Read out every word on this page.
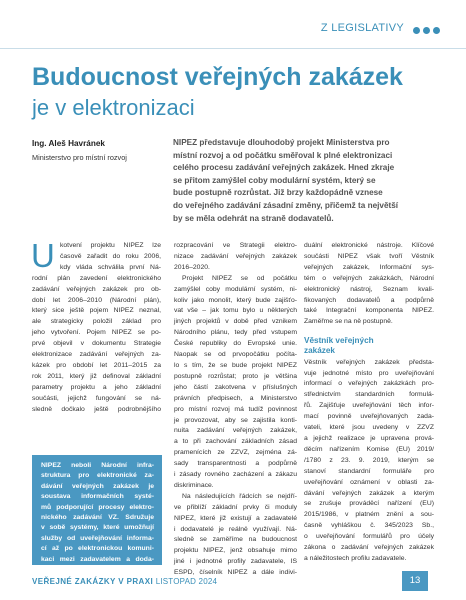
Z LEGISLATIVY
Budoucnost veřejných zakázek
je v elektronizaci
Ing. Aleš Havránek
Ministerstvo pro místní rozvoj

NIPEZ představuje dlouhodobý projekt Ministerstva pro
místní rozvoj a od počátku směřoval k plné elektronizaci
celého procesu zadávání veřejných zakázek. Hned zkraje
se přitom zamýšlel coby modulární systém, který se
bude postupně rozrůstat. Již brzy každopádně vznese
do veřejného zadávání zásadní změny, přičemž ta největší
by se měla odehrát na straně dodavatelů.

U kotvení projektu NIPEZ lze
časově zařadit do roku 2006,
kdy vláda schválila první Ná-
rodní plán zavedení elektronického
zadávání veřejných zakázek pro ob-
dobí let 2006–2010 (Národní plán),
který sice ještě pojem NIPEZ neznal,
ale strategicky položil základ pro
jeho vytvoření. Pojem NIPEZ se po-
prvé objevil v dokumentu Strategie
elektronizace zadávání veřejných za-
kázek pro období let 2011–2015 za
rok 2011, který již definoval základní
parametry projektu a jeho základní
součásti, jejichž fungování se ná-
sledně dočkalo ještě podrobnějšího
NIPEZ neboli Národní infra-
struktura pro elektronické za-
dávání veřejných zakázek je
soustava informačních systé-
mů podporující procesy elektro-
nického zadávání VZ. Sdružuje
v sobě systémy, které umožňují
služby od uveřejňování informa-
cí až po elektronickou komuni-
kaci mezi zadavatelem a doda-
vatelem.
rozpracování ve Strategii elektro-
nizace zadávání veřejných zakázek
2016–2020.
Projekt NIPEZ se od počátku
zamýšlel coby modulární systém, ni-
koliv jako monolit, který bude zajišťo-
vat vše – jak tomu bylo u některých
jiných projektů v době před vznikem
Národního plánu, tedy před vstupem
České republiky do Evropské unie.
Naopak se od prvopočátku počíta-
lo s tím, že se bude projekt NIPEZ
postupně rozrůstat; proto je většina
jeho částí zakotvena v příslušných
právních předpisech, a Ministerstvo
pro místní rozvoj má tudíž povinnost
je provozovat, aby se zajistila konti-
nuita zadávání veřejných zakázek,
a to při zachování základních zásad
pramenících ze ZZVZ, zejména zá-
sady transparentnosti a podpůrně
i zásady rovného zacházení a zákazu
diskriminace.
Na následujících řádcích se nejdří-
ve přiblíží základní prvky či moduly
NIPEZ, které již existují a zadavatelé
i dodavatelé je reálně využívají. Ná-
sledně se zaměříme na budoucnost
projektu NIPEZ, jenž obsahuje mimo
jiné i jednotné profily zadavatele, IS
ESPD, číselník NIPEZ a dále indivi-
duální elektronické nástroje. Klíčové
součásti NIPEZ však tvoří Věstník
veřejných zakázek, Informační sys-
tém o veřejných zakázkách, Národní
elektronický nástroj, Seznam kvali-
fikovaných dodavatelů a podpůrně
také Integrační komponenta NIPEZ.
Zaměřme se na ně postupně.
Věstník veřejných
zakázek
Věstník veřejných zakázek předsta-
vuje jednotné místo pro uveřejňování
informací o veřejných zakázkách pro-
střednictvím standardních formulá-
řů. Zajišťuje uveřejňování těch infor-
mací povinně uveřejňovaných zada-
vateli, které jsou uvedeny v ZZVZ
a jejichž realizace je upravena prová-
děcím nařízením Komise (EU) 2019/
/1780 z 23. 9. 2019, kterým se
stanoví standardní formuláře pro
uveřejňování oznámení v oblasti za-
dávání veřejných zakázek a kterým
se zrušuje prováděcí nařízení (EU)
2015/1986, v platném znění a sou-
časně vyhláškou č. 345/2023 Sb.,
o uveřejňování formulářů pro účely
zákona o zadávání veřejných zakázek
a náležitostech profilu zadavatele.
VEŘEJNÉ ZAKÁZKY V PRAXI LISTOPAD 2024	13
